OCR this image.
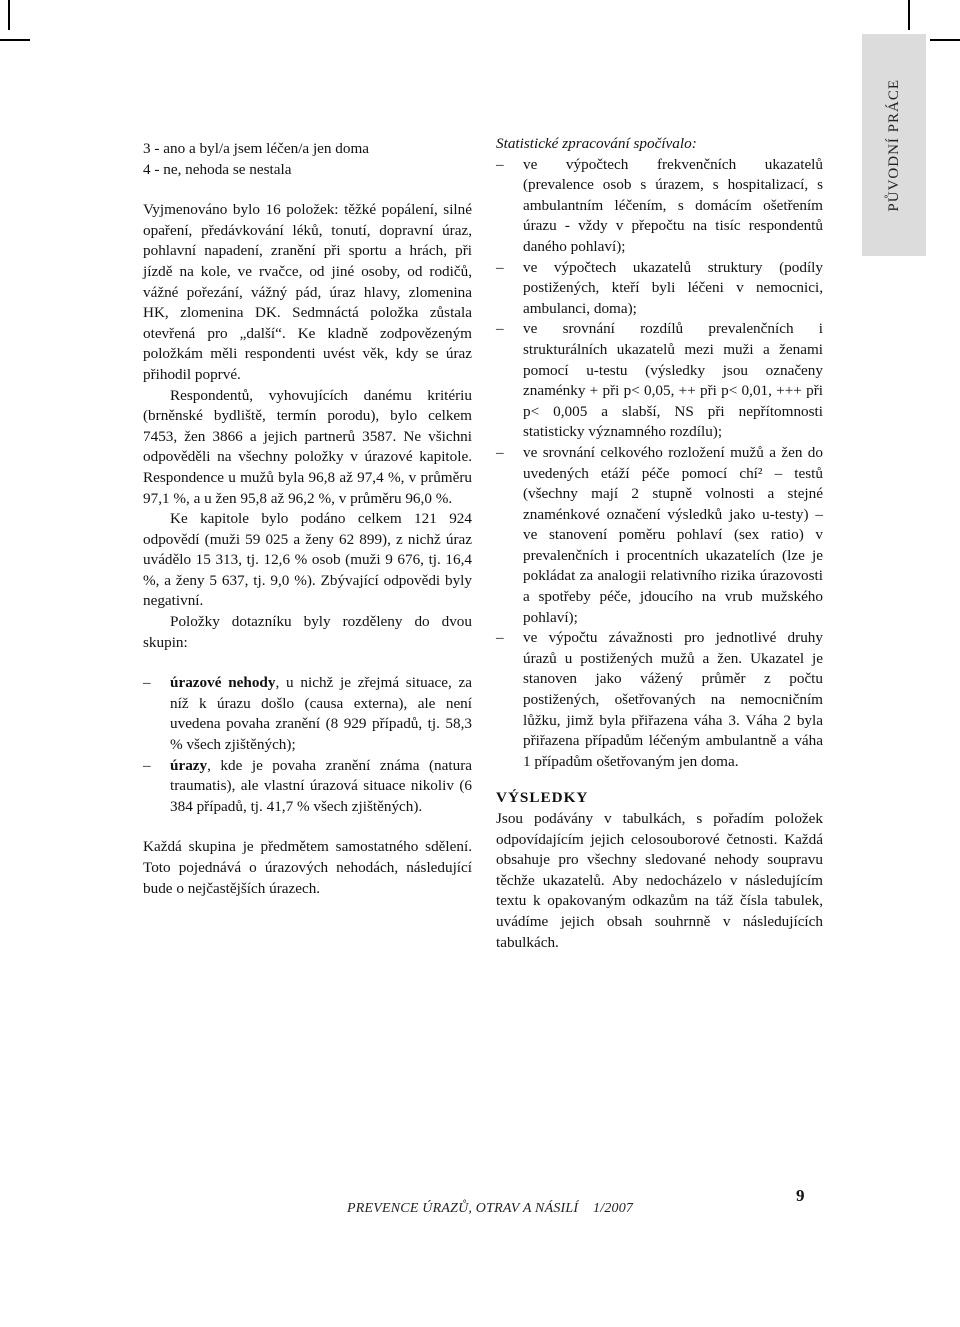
PŮVODNÍ PRÁCE

3 - ano a byl/a jsem léčen/a jen doma

4 - ne, nehoda se nestala

Vyjmenováno bylo 16 položek: těžké popálení, silné opaření, předávkování léků, tonutí, dopravní úraz, pohlavní napadení, zranění při sportu a hrách, při jízdě na kole, ve rvačce, od jiné osoby, od rodičů, vážné pořezání, vážný pád, úraz hlavy, zlomenina HK, zlomenina DK. Sedmnáctá položka zůstala otevřená pro „další“. Ke kladně zodpovězeným položkám měli respondenti uvést věk, kdy se úraz přihodil poprvé.

Respondentů, vyhovujících danému kritériu (brněnské bydliště, termín porodu), bylo celkem 7453, žen 3866 a jejich partnerů 3587. Ne všichni odpověděli na všechny položky v úrazové kapitole. Respondence u mužů byla 96,8 až 97,4 %, v průměru 97,1 %, a u žen 95,8 až 96,2 %, v průměru 96,0 %.

Ke kapitole bylo podáno celkem 121 924 odpovědí (muži 59 025 a ženy 62 899), z nichž úraz uvádělo 15 313, tj. 12,6 % osob (muži 9 676, tj. 16,4 %, a ženy 5 637, tj. 9,0 %). Zbývající odpovědi byly negativní.

Položky dotazníku byly rozděleny do dvou skupin:

– úrazové nehody, u nichž je zřejmá situace, za níž k úrazu došlo (causa externa), ale není uvedena povaha zranění (8 929 případů, tj. 58,3 % všech zjištěných);

– úrazy, kde je povaha zranění známa (natura traumatis), ale vlastní úrazová situace nikoliv (6 384 případů, tj. 41,7 % všech zjištěných).

Každá skupina je předmětem samostatného sdělení. Toto pojednává o úrazových nehodách, následující bude o nejčastějších úrazech.

Statistické zpracování spočívalo:

– ve výpočtech frekvenčních ukazatelů (prevalence osob s úrazem, s hospitalizací, s ambulantním léčením, s domácím ošetřením úrazu - vždy v přepočtu na tisíc respondentů daného pohlaví);

– ve výpočtech ukazatelů struktury (podíly postižených, kteří byli léčeni v nemocnici, ambulanci, doma);

– ve srovnání rozdílů prevalenčních i strukturálních ukazatelů mezi muži a ženami pomocí u-testu (výsledky jsou označeny znaménky + při p< 0,05, ++ při p< 0,01, +++ při p< 0,005 a slabší, NS při nepřítomnosti statisticky významného rozdílu);

– ve srovnání celkového rozložení mužů a žen do uvedených etáží péče pomocí chí² – testů (všechny mají 2 stupně volnosti a stejné znaménkové označení výsledků jako u-testy) – ve stanovení poměru pohlaví (sex ratio) v prevalenčních i procentních ukazatelích (lze je pokládat za analogii relativního rizika úrazovosti a spotřeby péče, jdoucího na vrub mužského pohlaví);

– ve výpočtu závažnosti pro jednotlivé druhy úrazů u postižených mužů a žen. Ukazatel je stanoven jako vážený průměr z počtu postižených, ošetřovaných na nemocničním lůžku, jimž byla přiřazena váha 3. Váha 2 byla přiřazena případům léčeným ambulantně a váha 1 případům ošetřovaným jen doma.

VÝSLEDKY

Jsou podávány v tabulkách, s pořadím položek odpovídajícím jejich celosouborové četnosti. Každá obsahuje pro všechny sledované nehody soupravu těchže ukazatelů. Aby nedocházelo v následujícím textu k opakovaným odkazům na táž čísla tabulek, uvádíme jejich obsah souhrnně v následujících tabulkách.

PREVENCE ÚRAZŮ, OTRAV A NÁSILÍ    1/2007
9
